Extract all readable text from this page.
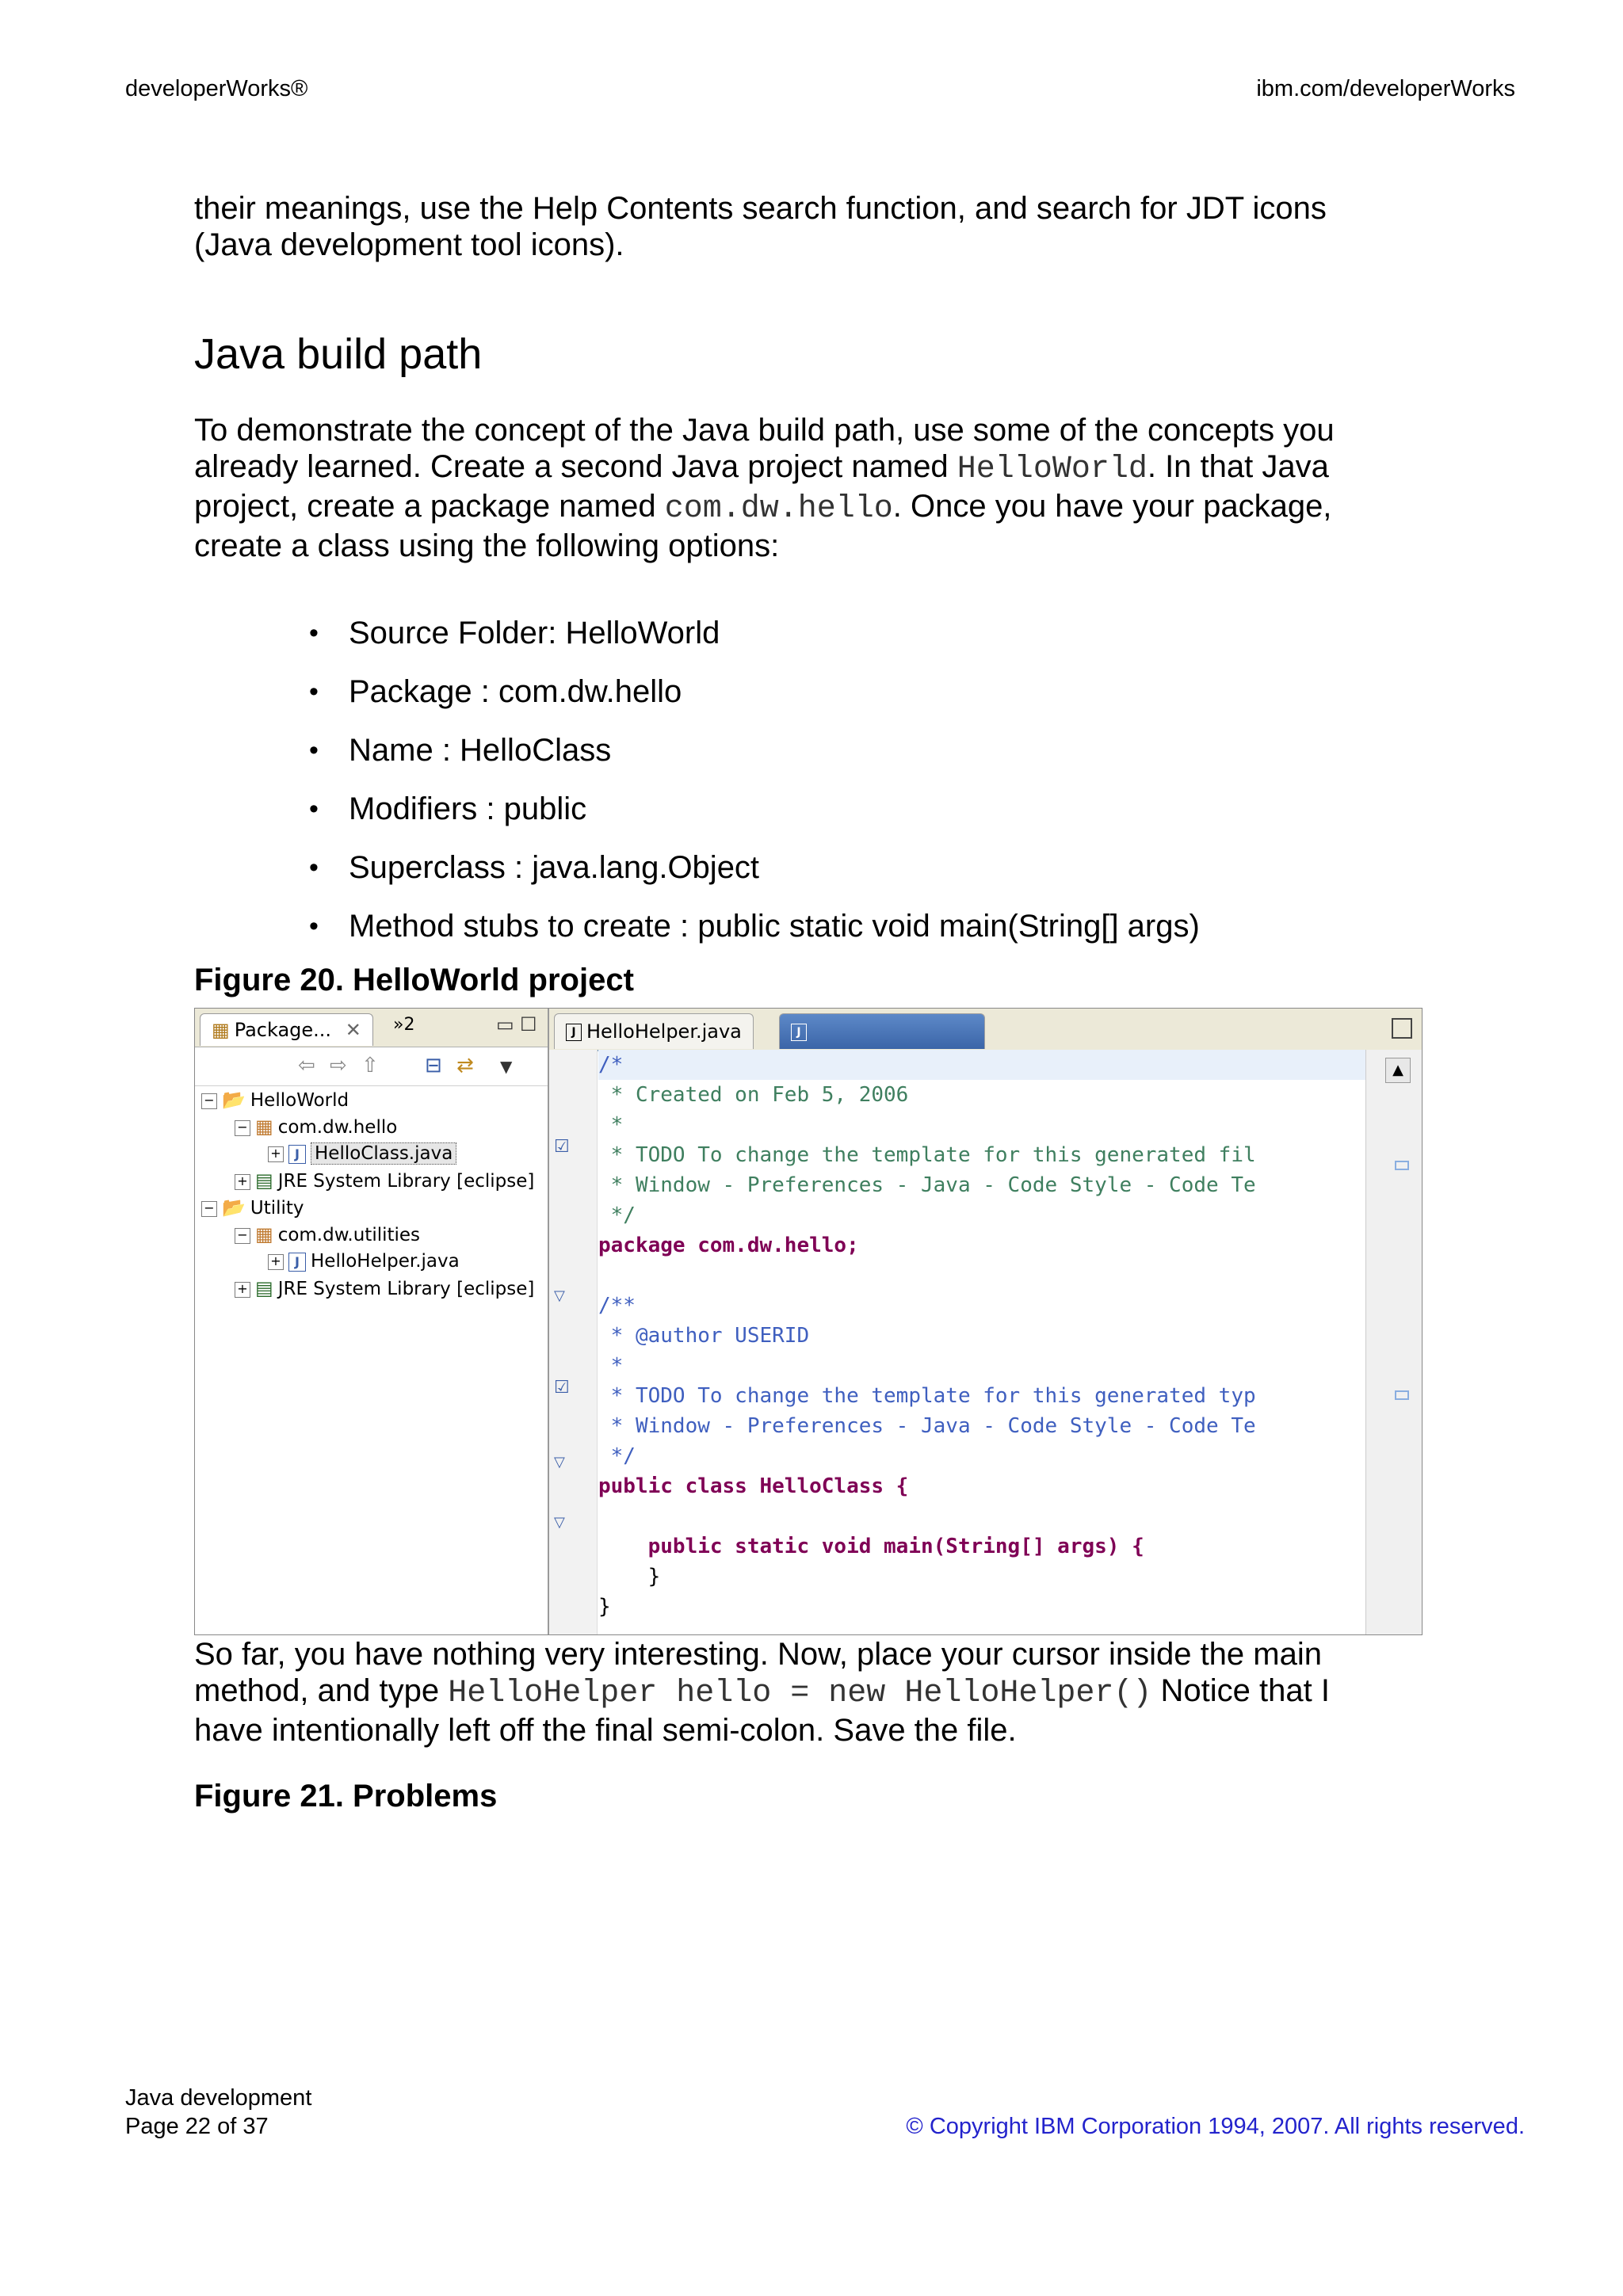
developerWorks®	ibm.com/developerWorks
their meanings, use the Help Contents search function, and search for JDT icons
(Java development tool icons).
Java build path
To demonstrate the concept of the Java build path, use some of the concepts you
already learned. Create a second Java project named HelloWorld. In that Java
project, create a package named com.dw.hello. Once you have your package,
create a class using the following options:
• Source Folder: HelloWorld
• Package : com.dw.hello
• Name : HelloClass
• Modifiers : public
• Superclass : java.lang.Object
• Method stubs to create : public static void main(String[] args)
Figure 20. HelloWorld project
▦ Package... ✕	»2	▭ ☐
⇦ ⇨ ⇧ ⊟ ⇄ ▼
− 📂 HelloWorld
− ▦ com.dw.hello
+ J HelloClass.java
+ ▤ JRE System Library [eclipse]
− 📂 Utility
− ▦ com.dw.utilities
+ J HelloHelper.java
+ ▤ JRE System Library [eclipse]
J HelloHelper.java	J
☑
▽
☑
▽
▽
/*
* Created on Feb 5, 2006
*
* TODO To change the template for this generated fil
* Window - Preferences - Java - Code Style - Code Te
*/
package com.dw.hello;
/**
* @author USERID
*
* TODO To change the template for this generated typ
* Window - Preferences - Java - Code Style - Code Te
*/
public class HelloClass {
public static void main(String[] args) {
}
}
▲
So far, you have nothing very interesting. Now, place your cursor inside the main
method, and type HelloHelper hello = new HelloHelper() Notice that I
have intentionally left off the final semi-colon. Save the file.
Figure 21. Problems
Java development
Page 22 of 37	© Copyright IBM Corporation 1994, 2007. All rights reserved.
